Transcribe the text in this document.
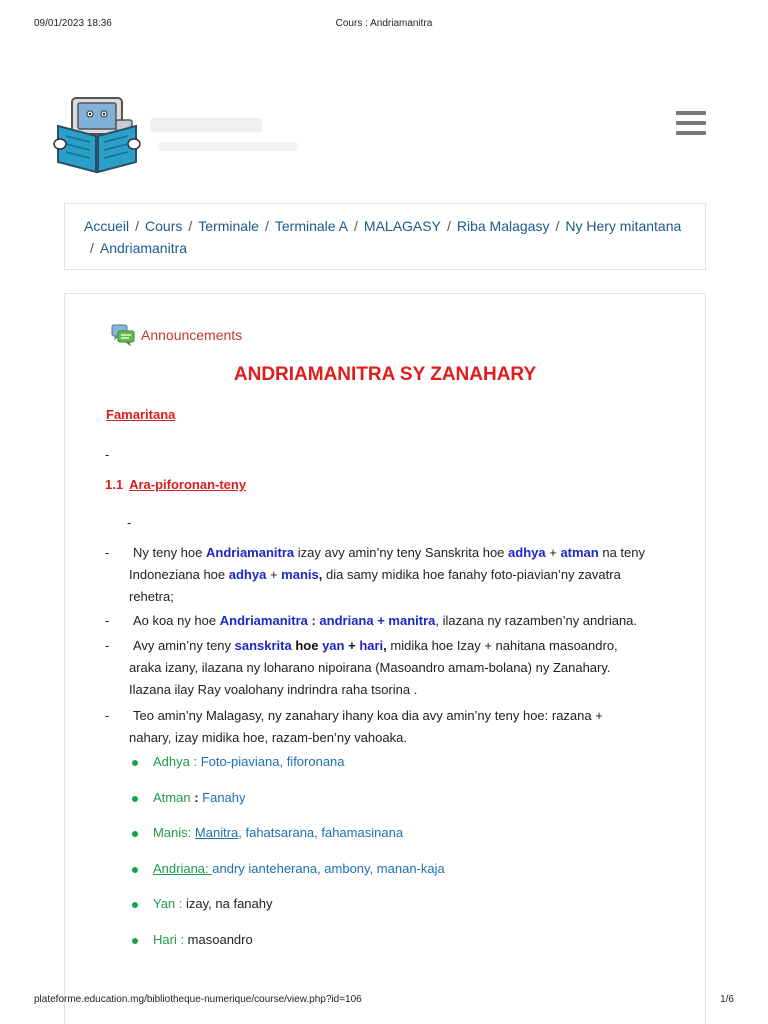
09/01/2023 18:36	Cours : Andriamanitra
Accueil / Cours / Terminale / Terminale A / MALAGASY / Riba Malagasy / Ny Hery mitantana
/ Andriamanitra
Announcements
ANDRIAMANITRA SY ZANAHARY
Famaritana
-
1.1 Ara-piforonan-teny
-
-	Ny teny hoe Andriamanitra izay avy amin’ny teny Sanskrita hoe adhya + atman na teny Indoneziana hoe adhya + manis, dia samy midika hoe fanahy foto-piavian’ny zavatra rehetra;
-	Ao koa ny hoe Andriamanitra : andriana + manitra, ilazana ny razamben’ny andriana.
-	Avy amin’ny teny sanskrita hoe yan + hari, midika hoe Izay + nahitana masoandro, araka izany, ilazana ny loharano nipoirana (Masoandro amam-bolana) ny Zanahary. Ilazana ilay Ray voalohany indrindra raha tsorina .
-	Teo amin’ny Malagasy, ny zanahary ihany koa dia avy amin’ny teny hoe: razana + nahary, izay midika hoe, razam-ben’ny vahoaka.
Adhya : Foto-piaviana, fiforonana
Atman : Fanahy
Manis: Manitra, fahatsarana, fahamasinana
Andriana: andry ianteherana, ambony, manan-kaja
Yan : izay, na fanahy
Hari : masoandro
plateforme.education.mg/bibliotheque-numerique/course/view.php?id=106	1/6
